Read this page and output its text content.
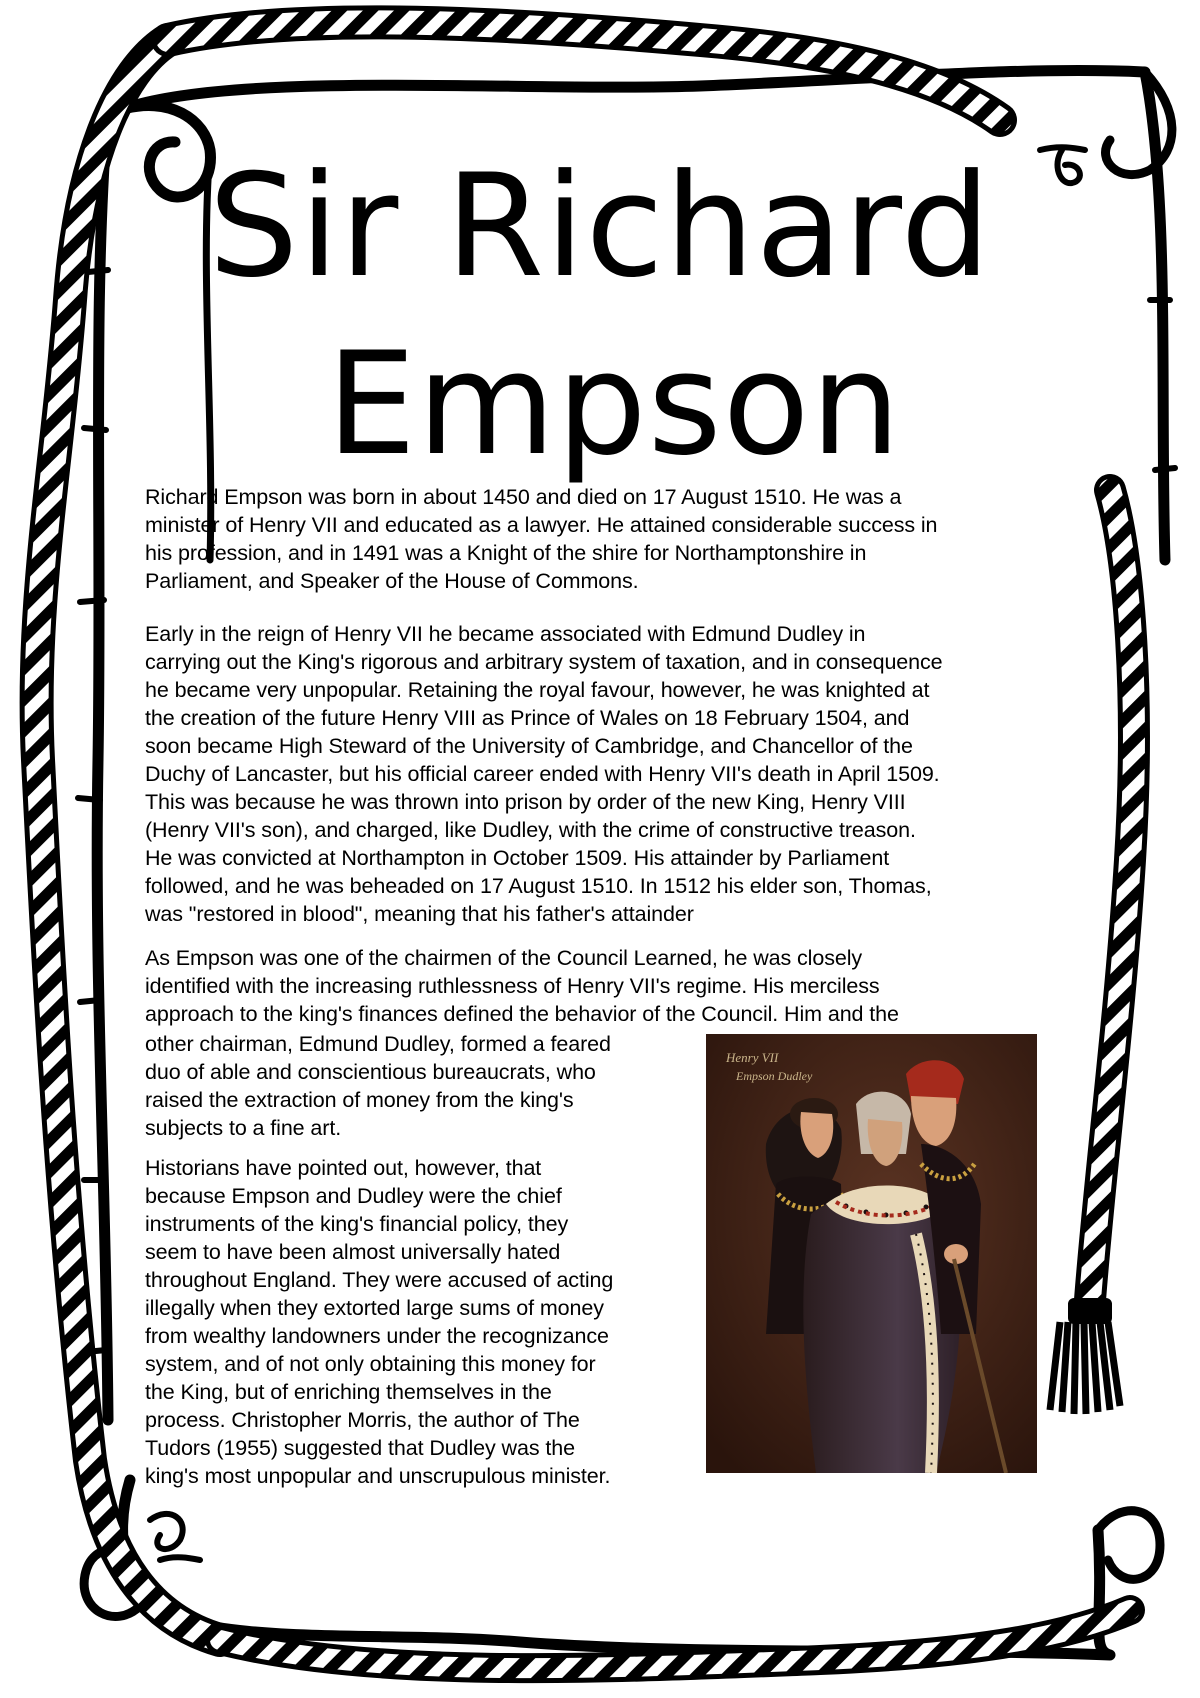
Sir Richard
Empson

Richard Empson was born in about 1450 and died on 17 August 1510. He was a
minister of Henry VII and educated as a lawyer. He attained considerable success in
his profession, and in 1491 was a Knight of the shire for Northamptonshire in
Parliament, and Speaker of the House of Commons.

Early in the reign of Henry VII he became associated with Edmund Dudley in
carrying out the King's rigorous and arbitrary system of taxation, and in consequence
he became very unpopular. Retaining the royal favour, however, he was knighted at
the creation of the future Henry VIII as Prince of Wales on 18 February 1504, and
soon became High Steward of the University of Cambridge, and Chancellor of the
Duchy of Lancaster, but his official career ended with Henry VII's death in April 1509.
This was because he was thrown into prison by order of the new King, Henry VIII
(Henry VII's son), and charged, like Dudley, with the crime of constructive treason.
He was convicted at Northampton in October 1509. His attainder by Parliament
followed, and he was beheaded on 17 August 1510. In 1512 his elder son, Thomas,
was "restored in blood", meaning that his father's attainder

As Empson was one of the chairmen of the Council Learned, he was closely
identified with the increasing ruthlessness of Henry VII's regime. His merciless
approach to the king's finances defined the behavior of the Council. Him and the

other chairman, Edmund Dudley, formed a feared
duo of able and conscientious bureaucrats, who
raised the extraction of money from the king's
subjects to a fine art.

Historians have pointed out, however, that
because Empson and Dudley were the chief
instruments of the king's financial policy, they
seem to have been almost universally hated
throughout England. They were accused of acting
illegally when they extorted large sums of money
from wealthy landowners under the recognizance
system, and of not only obtaining this money for
the King, but of enriching themselves in the
process. Christopher Morris, the author of The
Tudors (1955) suggested that Dudley was the
king's most unpopular and unscrupulous minister.

Henry VII
Empson Dudley
